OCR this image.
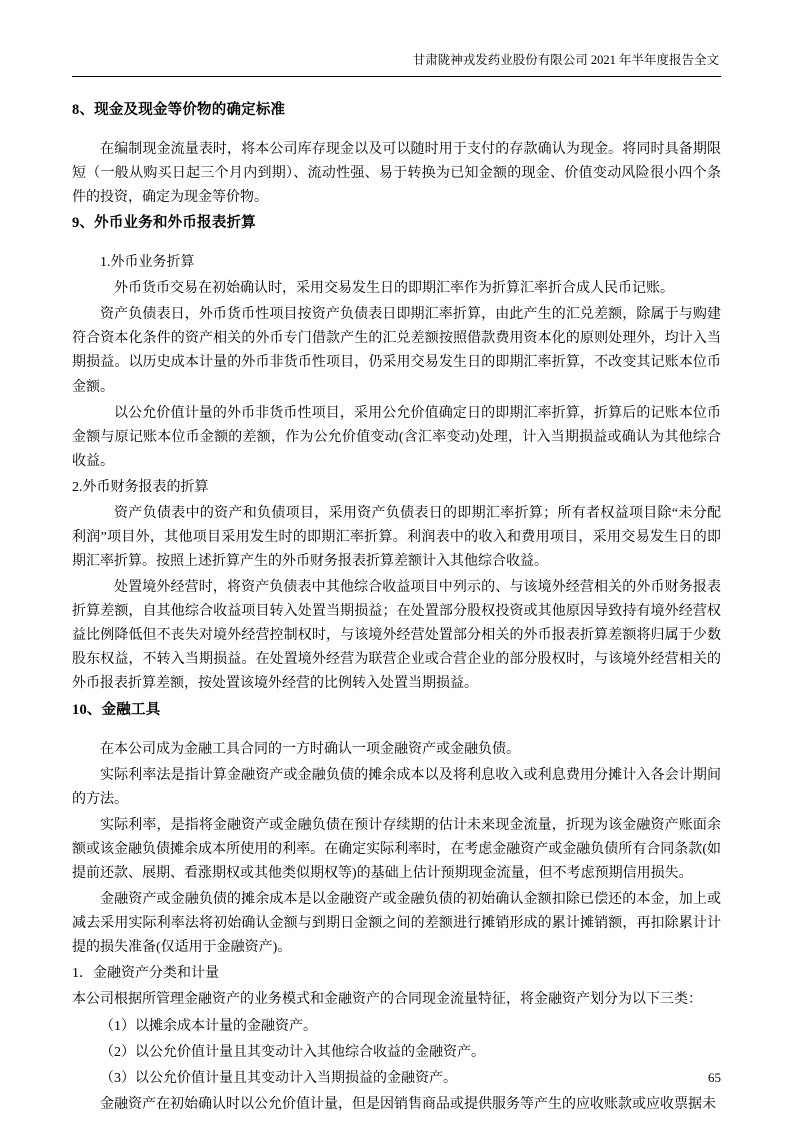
甘肃陇神戎发药业股份有限公司 2021 年半年度报告全文
8、现金及现金等价物的确定标准

在编制现金流量表时，将本公司库存现金以及可以随时用于支付的存款确认为现金。将同时具备期限短（一般从购买日起三个月内到期）、流动性强、易于转换为已知金额的现金、价值变动风险很小四个条件的投资，确定为现金等价物。

9、外币业务和外币报表折算

1.外币业务折算

外币货币交易在初始确认时，采用交易发生日的即期汇率作为折算汇率折合成人民币记账。

资产负债表日，外币货币性项目按资产负债表日即期汇率折算，由此产生的汇兑差额，除属于与购建符合资本化条件的资产相关的外币专门借款产生的汇兑差额按照借款费用资本化的原则处理外，均计入当期损益。以历史成本计量的外币非货币性项目，仍采用交易发生日的即期汇率折算，不改变其记账本位币金额。

以公允价值计量的外币非货币性项目，采用公允价值确定日的即期汇率折算，折算后的记账本位币金额与原记账本位币金额的差额，作为公允价值变动(含汇率变动)处理，计入当期损益或确认为其他综合收益。

2.外币财务报表的折算

资产负债表中的资产和负债项目，采用资产负债表日的即期汇率折算；所有者权益项目除“未分配利润”项目外，其他项目采用发生时的即期汇率折算。利润表中的收入和费用项目，采用交易发生日的即期汇率折算。按照上述折算产生的外币财务报表折算差额计入其他综合收益。

处置境外经营时，将资产负债表中其他综合收益项目中列示的、与该境外经营相关的外币财务报表折算差额，自其他综合收益项目转入处置当期损益；在处置部分股权投资或其他原因导致持有境外经营权益比例降低但不丧失对境外经营控制权时，与该境外经营处置部分相关的外币报表折算差额将归属于少数股东权益，不转入当期损益。在处置境外经营为联营企业或合营企业的部分股权时，与该境外经营相关的外币报表折算差额，按处置该境外经营的比例转入处置当期损益。

10、金融工具

在本公司成为金融工具合同的一方时确认一项金融资产或金融负债。

实际利率法是指计算金融资产或金融负债的摊余成本以及将利息收入或利息费用分摊计入各会计期间的方法。

实际利率，是指将金融资产或金融负债在预计存续期的估计未来现金流量，折现为该金融资产账面余额或该金融负债摊余成本所使用的利率。在确定实际利率时，在考虑金融资产或金融负债所有合同条款(如提前还款、展期、看涨期权或其他类似期权等)的基础上估计预期现金流量，但不考虑预期信用损失。

金融资产或金融负债的摊余成本是以金融资产或金融负债的初始确认金额扣除已偿还的本金，加上或减去采用实际利率法将初始确认金额与到期日金额之间的差额进行摊销形成的累计摊销额，再扣除累计计提的损失准备(仅适用于金融资产)。

1．金融资产分类和计量

本公司根据所管理金融资产的业务模式和金融资产的合同现金流量特征，将金融资产划分为以下三类：

（1）以摊余成本计量的金融资产。

（2）以公允价值计量且其变动计入其他综合收益的金融资产。

（3）以公允价值计量且其变动计入当期损益的金融资产。

金融资产在初始确认时以公允价值计量，但是因销售商品或提供服务等产生的应收账款或应收票据未

65
